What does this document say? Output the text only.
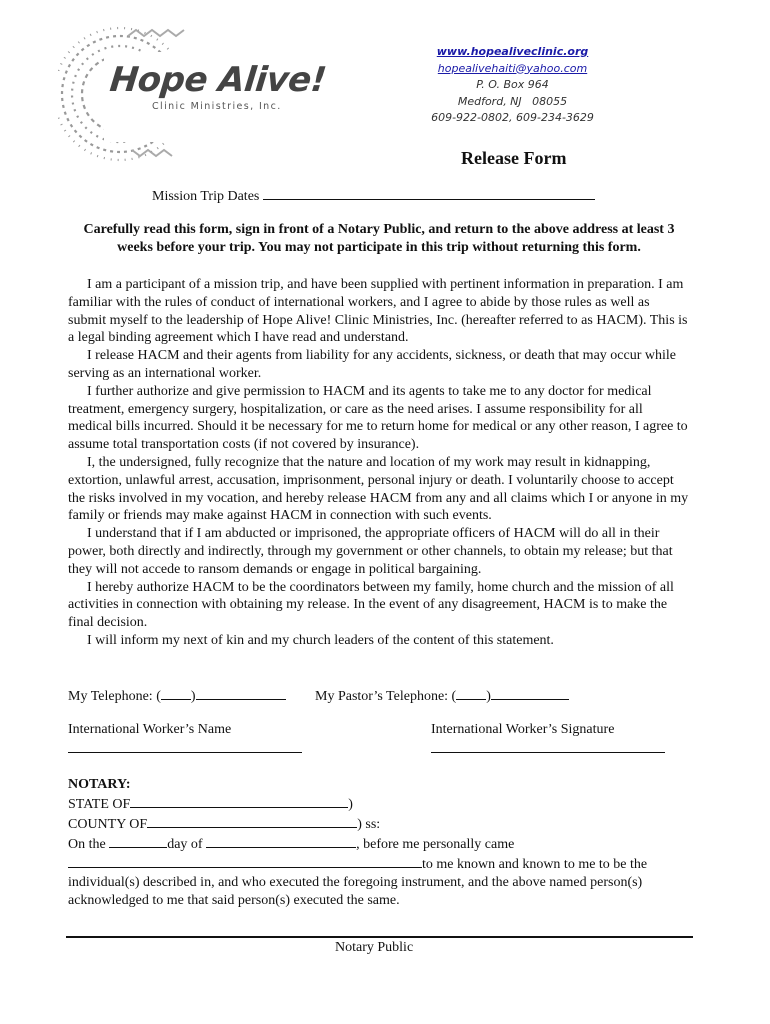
Hope Alive!
Clinic Ministries, Inc.
www.hopealiveclinic.org
hopealivehaiti@yahoo.com
P. O. Box 964
Medford, NJ   08055
609-922-0802, 609-234-3629
Release Form
Mission Trip Dates
Carefully read this form, sign in front of a Notary Public, and return to the above address at least 3 weeks before your trip. You may not participate in this trip without returning this form.

I am a participant of a mission trip, and have been supplied with pertinent information in preparation. I am familiar with the rules of conduct of international workers, and I agree to abide by those rules as well as submit myself to the leadership of Hope Alive! Clinic Ministries, Inc. (hereafter referred to as HACM). This is a legal binding agreement which I have read and understand.

I release HACM and their agents from liability for any accidents, sickness, or death that may occur while serving as an international worker.

I further authorize and give permission to HACM and its agents to take me to any doctor for medical treatment, emergency surgery, hospitalization, or care as the need arises. I assume responsibility for all medical bills incurred. Should it be necessary for me to return home for medical or any other reason, I agree to assume total transportation costs (if not covered by insurance).

I, the undersigned, fully recognize that the nature and location of my work may result in kidnapping, extortion, unlawful arrest, accusation, imprisonment, personal injury or death. I voluntarily choose to accept the risks involved in my vocation, and hereby release HACM from any and all claims which I or anyone in my family or friends may make against HACM in connection with such events.

I understand that if I am abducted or imprisoned, the appropriate officers of HACM will do all in their power, both directly and indirectly, through my government or other channels, to obtain my release; but that they will not accede to ransom demands or engage in political bargaining.

I hereby authorize HACM to be the coordinators between my family, home church and the mission of all activities in connection with obtaining my release. In the event of any disagreement, HACM is to make the final decision.

I will inform my next of kin and my church leaders of the content of this statement.

My Telephone: ( )	My Pastor’s Telephone: ( )
International Worker’s Name	International Worker’s Signature
NOTARY:
STATE OF	)
COUNTY OF	) ss:
On the	day of	, before me personally came
to me known and known to me to be the
individual(s) described in, and who executed the foregoing instrument, and the above named person(s) acknowledged to me that said person(s) executed the same.
Notary Public
